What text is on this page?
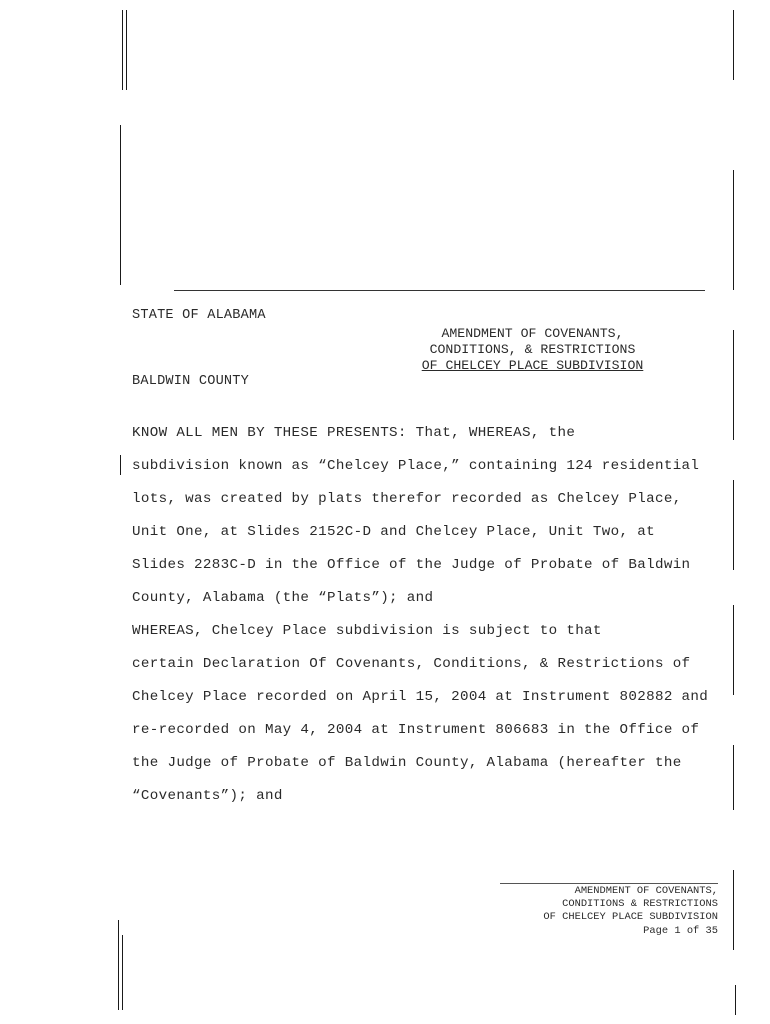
STATE OF ALABAMA
AMENDMENT OF COVENANTS,
CONDITIONS, & RESTRICTIONS
OF CHELCEY PLACE SUBDIVISION
BALDWIN COUNTY
KNOW ALL MEN BY THESE PRESENTS: That, WHEREAS, the
subdivision known as “Chelcey Place,” containing 124 residential
lots, was created by plats therefor recorded as Chelcey Place,
Unit One, at Slides 2152C-D and Chelcey Place, Unit Two, at
Slides 2283C-D in the Office of the Judge of Probate of Baldwin
County, Alabama (the “Plats”); and
WHEREAS, Chelcey Place subdivision is subject to that
certain Declaration Of Covenants, Conditions, & Restrictions of
Chelcey Place recorded on April 15, 2004 at Instrument 802882 and
re-recorded on May 4, 2004 at Instrument 806683 in the Office of
the Judge of Probate of Baldwin County, Alabama (hereafter the
“Covenants”); and
AMENDMENT OF COVENANTS,
CONDITIONS & RESTRICTIONS
OF CHELCEY PLACE SUBDIVISION
Page 1 of 35
